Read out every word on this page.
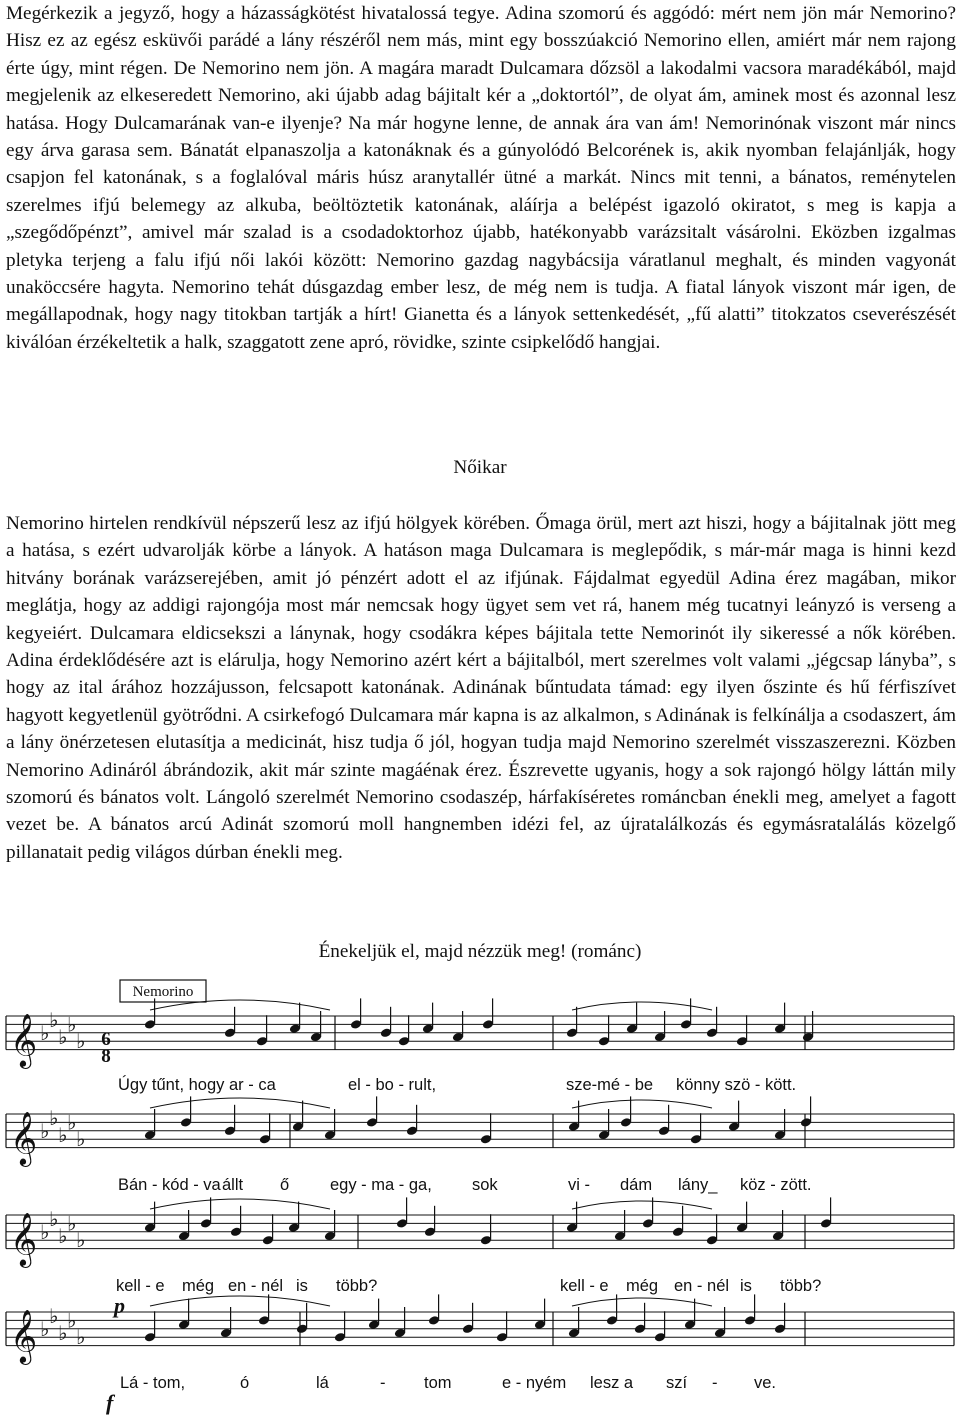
Megérkezik a jegyző, hogy a házasságkötést hivatalossá tegye. Adina szomorú és aggódó: mért nem jön már Nemorino? Hisz ez az egész esküvői parádé a lány részéről nem más, mint egy bosszúakció Nemorino ellen, amiért már nem rajong érte úgy, mint régen. De Nemorino nem jön. A magára maradt Dulcamara dőzsöl a lakodalmi vacsora maradékából, majd megjelenik az elkeseredett Nemorino, aki újabb adag bájitalt kér a „doktortól”, de olyat ám, aminek most és azonnal lesz hatása. Hogy Dulcamarának van-e ilyenje? Na már hogyne lenne, de annak ára van ám! Nemorinónak viszont már nincs egy árva garasa sem. Bánatát elpanaszolja a katonáknak és a gúnyolódó Belcorének is, akik nyomban felajánlják, hogy csapjon fel katonának, s a foglalóval máris húsz aranytallér ütné a markát. Nincs mit tenni, a bánatos, reménytelen szerelmes ifjú belemegy az alkuba, beöltöztetik katonának, aláírja a belépést igazoló okiratot, s meg is kapja a „szegődőpénzt”, amivel már szalad is a csodadoktorhoz újabb, hatékonyabb varázsitalt vásárolni. Eközben izgalmas pletyka terjeng a falu ifjú női lakói között: Nemorino gazdag nagybácsija váratlanul meghalt, és minden vagyonát unaköccsére hagyta. Nemorino tehát dúsgazdag ember lesz, de még nem is tudja. A fiatal lányok viszont már igen, de megállapodnak, hogy nagy titokban tartják a hírt! Gianetta és a lányok settenkedését, „fű alatti” titokzatos cseverészését kiválóan érzékeltetik a halk, szaggatott zene apró, rövidke, szinte csipkelődő hangjai.

Nőikar

Nemorino hirtelen rendkívül népszerű lesz az ifjú hölgyek körében. Őmaga örül, mert azt hiszi, hogy a bájitalnak jött meg a hatása, s ezért udvarolják körbe a lányok. A hatáson maga Dulcamara is meglepődik, s már-már maga is hinni kezd hitvány borának varázserejében, amit jó pénzért adott el az ifjúnak. Fájdalmat egyedül Adina érez magában, mikor meglátja, hogy az addigi rajongója most már nemcsak hogy ügyet sem vet rá, hanem még tucatnyi leányzó is verseng a kegyeiért. Dulcamara eldicsekszi a lánynak, hogy csodákra képes bájitala tette Nemorinót ily sikeressé a nők körében. Adina érdeklődésére azt is elárulja, hogy Nemorino azért kért a bájitalból, mert szerelmes volt valami „jégcsap lányba”, s hogy az ital árához hozzájusson, felcsapott katonának. Adinának bűntudata támad: egy ilyen őszinte és hű férfiszívet hagyott kegyetlenül gyötrődni. A csirkefogó Dulcamara már kapna is az alkalmon, s Adinának is felkínálja a csodaszert, ám a lány önérzetesen elutasítja a medicinát, hisz tudja ő jól, hogyan tudja majd Nemorino szerelmét visszaszerezni. Közben Nemorino Adináról ábrándozik, akit már szinte magáénak érez. Észrevette ugyanis, hogy a sok rajongó hölgy láttán mily szomorú és bánatos volt. Lángoló szerelmét Nemorino csodaszép, hárfakíséretes románcban énekli meg, amelyet a fagott vezet be. A bánatos arcú Adinát szomorú moll hangnemben idézi fel, az újratalálkozás és egymásratalálás közelgő pillanatait pedig világos dúrban énekli meg.

Énekeljük el, majd nézzük meg! (románc)

Nemorino
6
8
𝄞 ♭
♭
♭
♭
♭
𝄞 ♭
♭
♭
♭
♭
𝄞 ♭
♭
♭
♭
♭
𝄞 ♭
♭
♭
♭
♭
Úgy tűnt, hogy ar - ca	el - bo - rult,	sze-mé - be könny szö - kött.
Bán - kód - va állt ő egy - ma - ga, sok	vi - dám lány_ köz - zött.
kell - e még en - nél is több?	kell - e még en - nél is több?
p
Lá - tom,	ó	lá	- tom	e - nyém lesz a szí - ve.
f
